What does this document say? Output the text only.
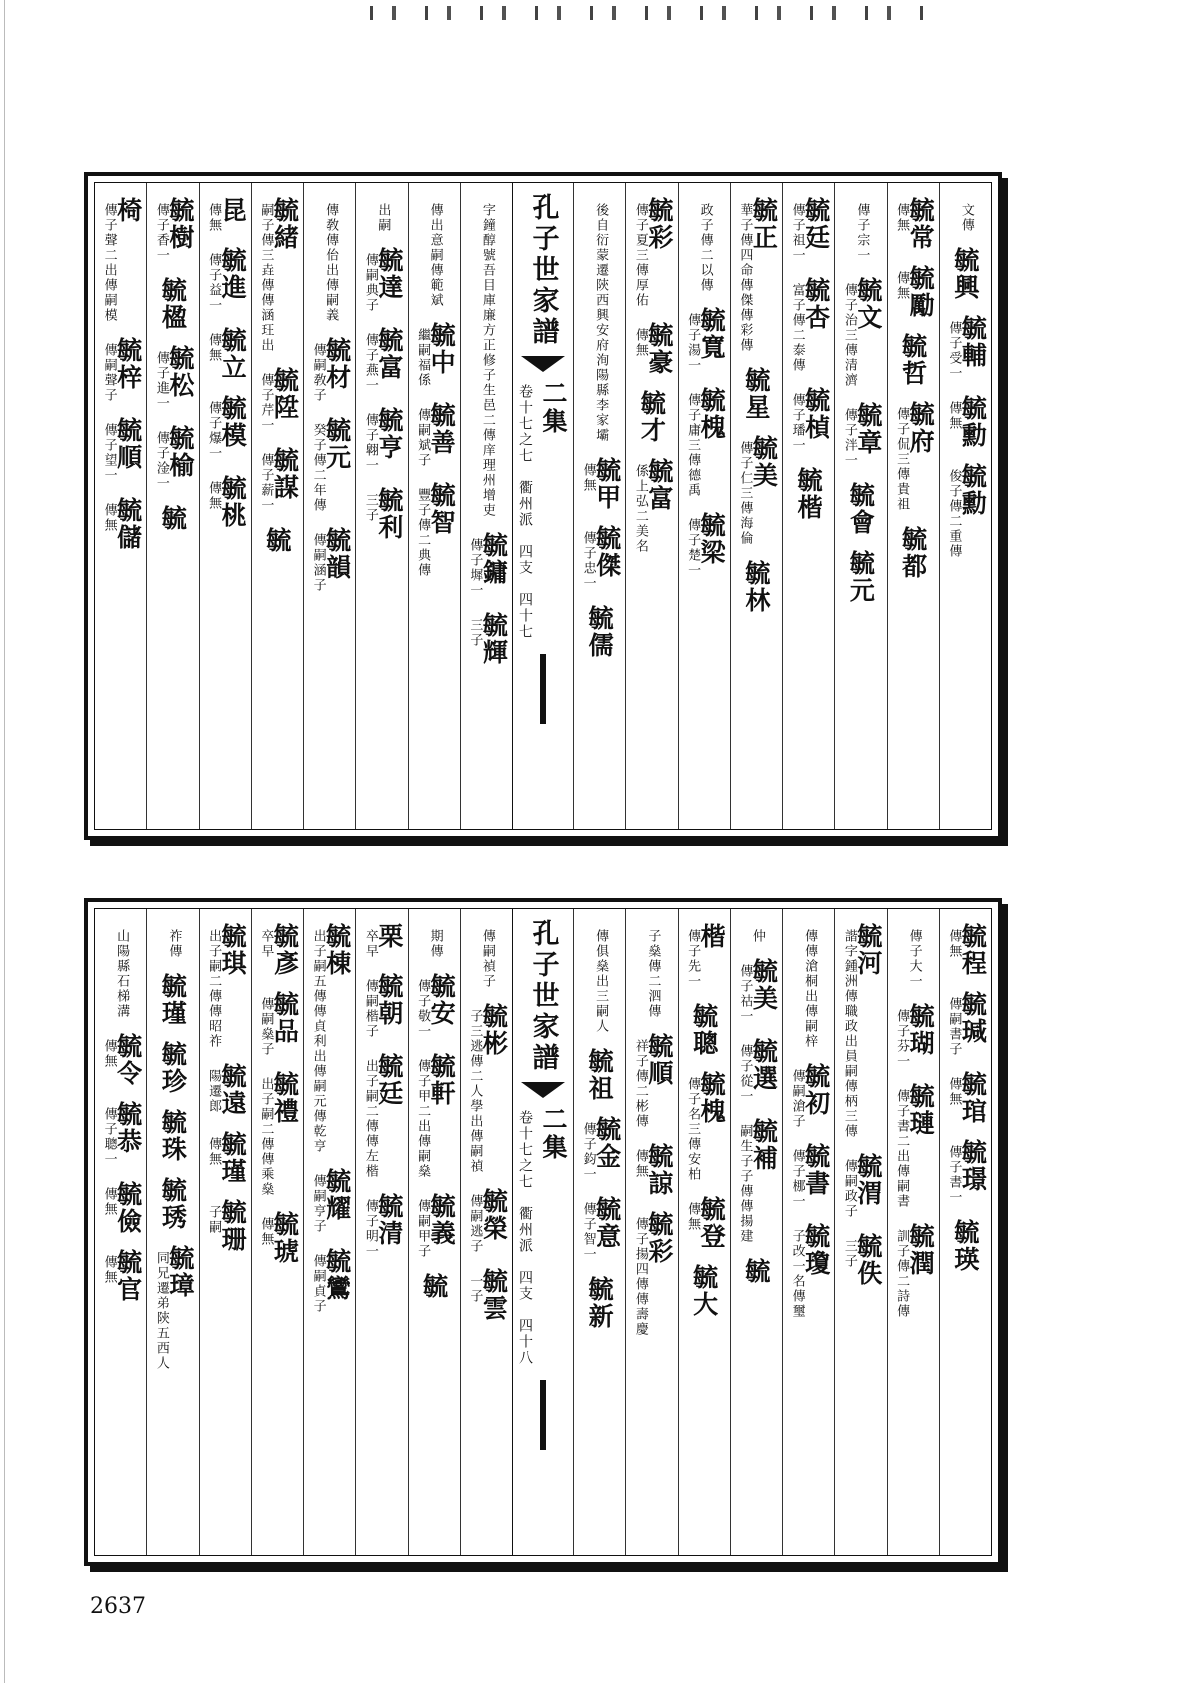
文傳
毓興
傳子受一
毓輔
傳無
毓勳
俊子傳二重傳
毓勳
傳無
毓常
傳無
毓勵
毓哲
傳子侃三傳貴祖
毓府
毓都
傳子宗一
傳子治三傳清濟
毓文
傳子泮一
毓章
毓會
毓元
傳子祖一
毓廷
富子傳二泰傳
毓杏
傳子璠一
毓楨
毓楷
華子傳四命傳傑傳彩傳
毓正
毓星
傳子仁三傳海倫
毓美
毓林
政子傳二以傳
傳子湯一
毓寬
傳子庸三傳德禹
毓槐
傳子楚一
毓梁
傳子夏三傳厚佑
毓彩
傳無
毓豪
毓才
係上弘二美名
毓富
後自衍蒙遷陝西興安府洵陽縣李家壩
傳無
毓甲
傳子忠一
毓傑
毓儒
孔子世家譜
二集
卷十七之七　衢州派　四支　四十七
字鐘醇號吾目庫廉方正修子生邑二傳庠理州增吏
傳子墀一
毓鏞
三子
毓輝
傳出意嗣傳範斌
繼嗣福係
毓中
傳嗣斌子
毓善
豐子傳二典傳
毓智
出嗣
傳嗣典子
毓達
傳子燕一
毓富
傳子翺一
毓亨
三子
毓利
傳敎傳佁出傳嗣義
傳嗣敎子
毓材
癸子傳二年傳
毓元
傳嗣涵子
毓韻
嗣子傳三垚傳傳涵玨出
毓緒
傳子芹一
毓陞
傳子薪一
毓謀
毓
傳無
昆
傳子益一
毓進
傳無
毓立
傳子爆一
毓模
傳無
毓桃
傳子香一
毓樹
毓楹
傳子進一
毓松
傳子淦一
毓榆
毓
傳子聲二出傳嗣模
椅
傳嗣聲子
毓梓
傳子望一
毓順
傳無
毓儲
傳無
毓程
傳嗣書子
毓瑊
傳無
毓琯
傳子書一
毓璟
毓瑛
傳子大一
傳子芬一
毓瑚
傳子書二出傳嗣書
毓璉
訓子傳二詩傳
毓潤
諧字鍾洲傳職政出員嗣傳柄三傳
毓河
傳嗣政子
毓渭
三子
毓佚
傳傳滄桐出傳嗣梓
傳嗣滄子
毓初
傳子梛一
毓書
子改一名傳璽
毓瓊
仲
傳子祜一
毓美
傳子從一
毓選
嗣生子子傳傳揚建
毓補
毓
傳子先一
楷
毓聰
傳子名三傳安柏
毓槐
傳無
毓登
毓大
子燊傳二泗傳
祥子傳二彬傳
毓順
傳無
毓諒
傳子揚四傳傳壽慶
毓彩
傳俱燊出三嗣人
毓祖
傳子鈞一
毓金
傳子智一
毓意
毓新
孔子世家譜
二集
卷十七之七　衢州派　四支　四十八
傳嗣禎子
子三逃傳二人學出傳嗣禎
毓彬
傳嗣逃子
毓榮
一子
毓雲
期傳
傳子敬一
毓安
傳子甲二出傳嗣燊
毓軒
傳嗣甲子
毓義
毓
卒早
栗
傳嗣楷子
毓朝
出子嗣二傳傳左楷
毓廷
傳子明一
毓清
出子嗣五傳傳貞利出傳嗣元傳乾亨
毓棟
傳嗣亨子
毓耀
傳嗣貞子
毓鸞
卒早
毓彥
傳嗣燊子
毓品
出子嗣二傳傳乘燊
毓禮
傳無
毓琥
出子嗣二傳傳昭祚
毓琪
陽遷郎
毓遠
傳無
毓瑾
子嗣
毓珊
祚傳
毓瑾
毓珍
毓珠
毓琇
同兄遷弟陝五西人
毓璋
山陽縣石梯溝
傳無
毓令
傳子聰一
毓恭
傳無
毓儉
傳無
毓官
2637
